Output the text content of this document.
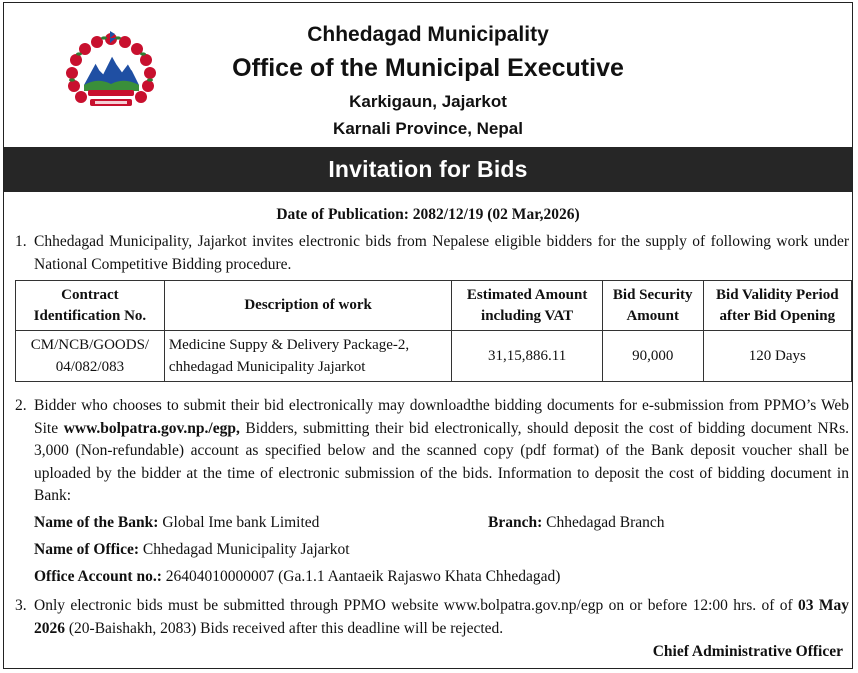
Chhedagad Municipality
Office of the Municipal Executive
Karkigaun, Jajarkot
Karnali Province, Nepal
Invitation for Bids
Date of Publication: 2082/12/19 (02 Mar,2026)
1. Chhedagad Municipality, Jajarkot invites electronic bids from Nepalese eligible bidders for the supply of following work under National Competitive Bidding procedure.
Contract Identification No.	Description of work	Estimated Amount including VAT	Bid Security Amount	Bid Validity Period after Bid Opening
CM/NCB/GOODS/ 04/082/083	Medicine Suppy & Delivery Package-2, chhedagad Municipality Jajarkot	31,15,886.11	90,000	120 Days
2. Bidder who chooses to submit their bid electronically may downloadthe bidding documents for e-submission from PPMO’s Web Site www.bolpatra.gov.np./egp, Bidders, submitting their bid electronically, should deposit the cost of bidding document NRs. 3,000 (Non-refundable) account as specified below and the scanned copy (pdf format) of the Bank deposit voucher shall be uploaded by the bidder at the time of electronic submission of the bids. Information to deposit the cost of bidding document in Bank:
Name of the Bank: Global Ime bank Limited	Branch: Chhedagad Branch
Name of Office: Chhedagad Municipality Jajarkot
Office Account no.: 26404010000007 (Ga.1.1 Aantaeik Rajaswo Khata Chhedagad)
3. Only electronic bids must be submitted through PPMO website www.bolpatra.gov.np/egp on or before 12:00 hrs. of of 03 May 2026 (20-Baishakh, 2083) Bids received after this deadline will be rejected.
Chief Administrative Officer
